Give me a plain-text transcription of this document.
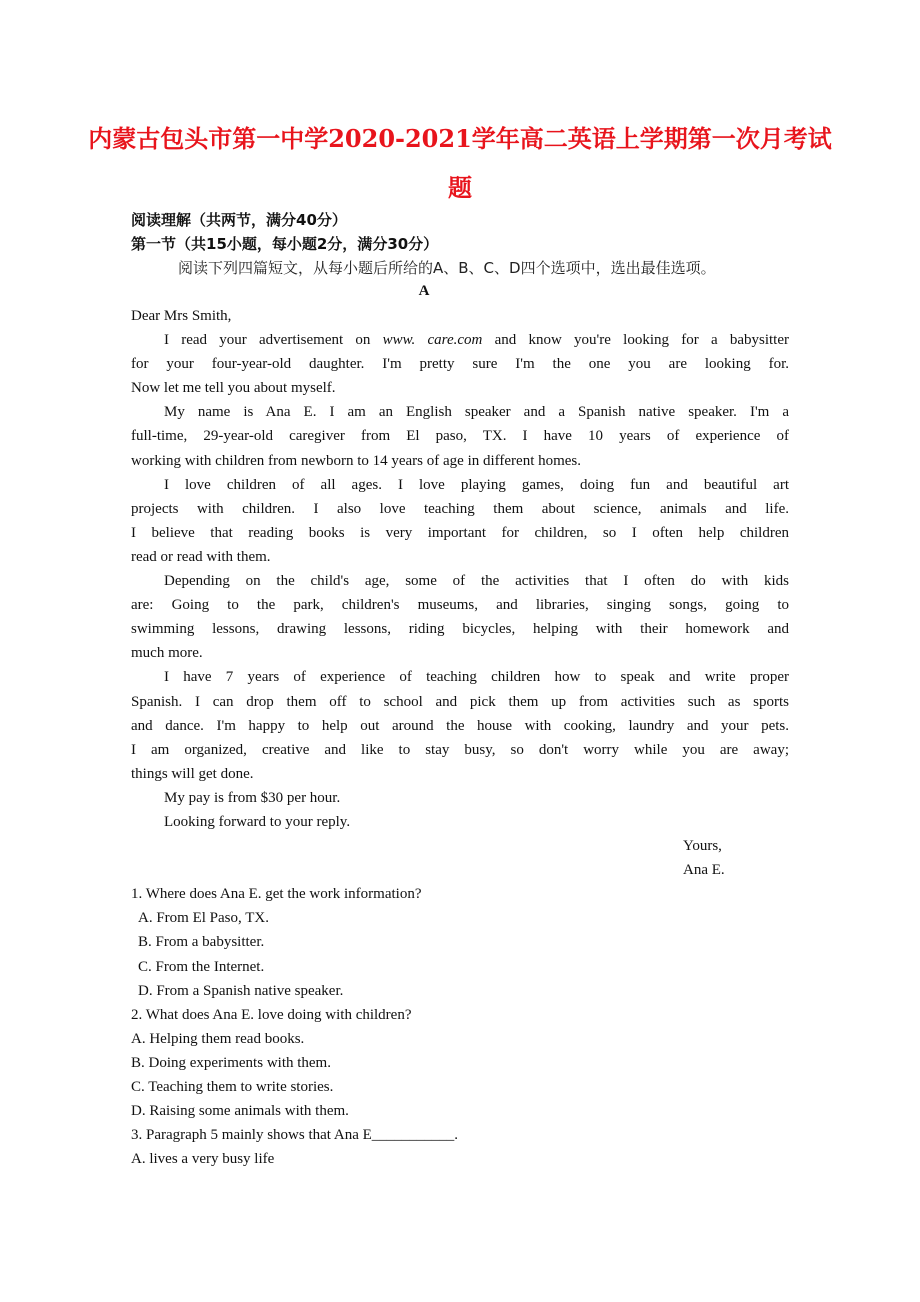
内蒙古包头市第一中学2020-2021学年高二英语上学期第一次月考试
题
阅读理解（共两节，满分40分）
第一节（共15小题，每小题2分，满分30分）
阅读下列四篇短文，从每小题后所给的A、B、C、D四个选项中，选出最佳选项。
A
Dear Mrs Smith,
I read your advertisement on www. care.com and know you're looking for a babysitter
for your four-year-old daughter. I'm pretty sure I'm the one you are looking for.
Now let me tell you about myself.
My name is Ana E. I am an English speaker and a Spanish native speaker. I'm a
full-time, 29-year-old caregiver from El paso, TX. I have 10 years of experience of
working with children from newborn to 14 years of age in different homes.
I love children of all ages. I love playing games, doing fun and beautiful art
projects with children. I also love teaching them about science, animals and life.
I believe that reading books is very important for children, so I often help children
read or read with them.
Depending on the child's age, some of the activities that I often do with kids
are: Going to the park, children's museums, and libraries, singing songs, going to
swimming lessons, drawing lessons, riding bicycles, helping with their homework and
much more.
I have 7 years of experience of teaching children how to speak and write proper
Spanish. I can drop them off to school and pick them up from activities such as sports
and dance. I'm happy to help out around the house with cooking, laundry and your pets.
I am organized, creative and like to stay busy, so don't worry while you are away;
things will get done.
My pay is from $30 per hour.
Looking forward to your reply.
Yours,
Ana E.
1. Where does Ana E. get the work information?
A. From El Paso, TX.
B. From a babysitter.
C. From the Internet.
D. From a Spanish native speaker.
2. What does Ana E. love doing with children?
A. Helping them read books.
B. Doing experiments with them.
C. Teaching them to write stories.
D. Raising some animals with them.
3. Paragraph 5 mainly shows that Ana E___________.
A. lives a very busy life
